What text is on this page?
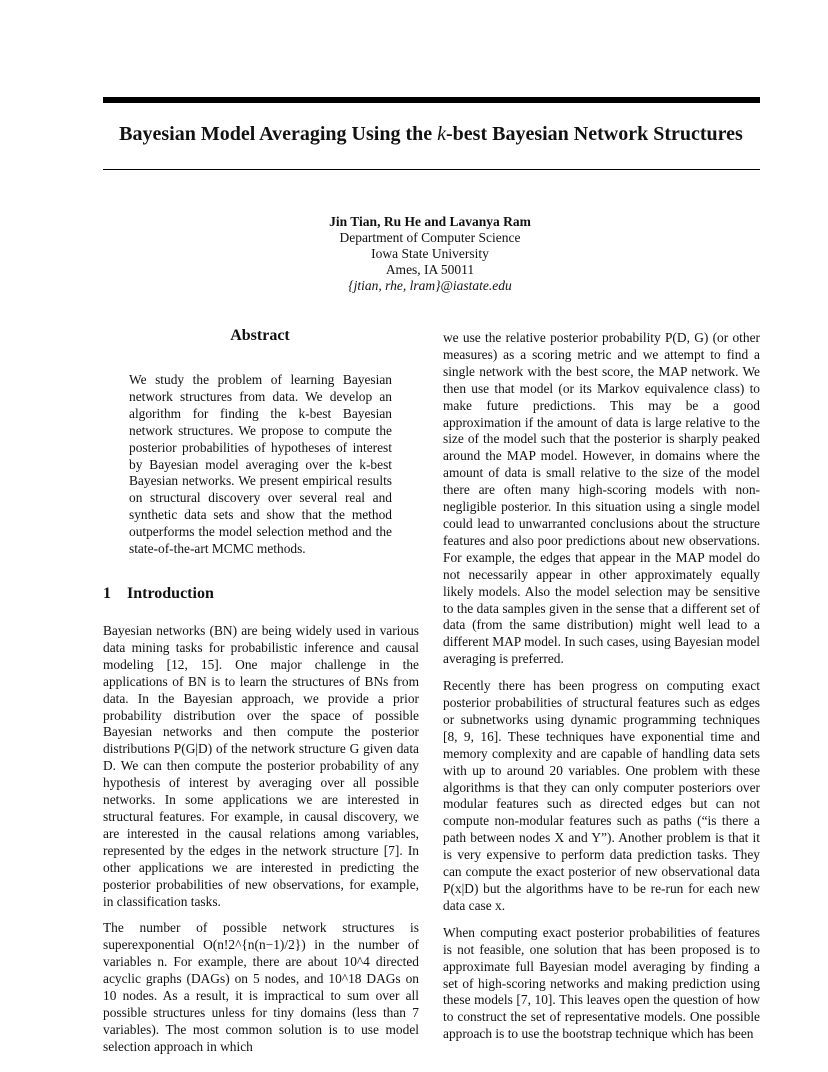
Bayesian Model Averaging Using the k-best Bayesian Network Structures
Jin Tian, Ru He and Lavanya Ram
Department of Computer Science
Iowa State University
Ames, IA 50011
{jtian, rhe, lram}@iastate.edu
Abstract
We study the problem of learning Bayesian network structures from data. We develop an algorithm for finding the k-best Bayesian network structures. We propose to compute the posterior probabilities of hypotheses of interest by Bayesian model averaging over the k-best Bayesian networks. We present empirical results on structural discovery over several real and synthetic data sets and show that the method outperforms the model selection method and the state-of-the-art MCMC methods.
1 Introduction

Bayesian networks (BN) are being widely used in various data mining tasks for probabilistic inference and causal modeling [12, 15]. One major challenge in the applications of BN is to learn the structures of BNs from data. In the Bayesian approach, we provide a prior probability distribution over the space of possible Bayesian networks and then compute the posterior distributions P(G|D) of the network structure G given data D. We can then compute the posterior probability of any hypothesis of interest by averaging over all possible networks. In some applications we are interested in structural features. For example, in causal discovery, we are interested in the causal relations among variables, represented by the edges in the network structure [7]. In other applications we are interested in predicting the posterior probabilities of new observations, for example, in classification tasks.

The number of possible network structures is superexponential O(n!2^{n(n−1)/2}) in the number of variables n. For example, there are about 10^4 directed acyclic graphs (DAGs) on 5 nodes, and 10^18 DAGs on 10 nodes. As a result, it is impractical to sum over all possible structures unless for tiny domains (less than 7 variables). The most common solution is to use model selection approach in which

we use the relative posterior probability P(D, G) (or other measures) as a scoring metric and we attempt to find a single network with the best score, the MAP network. We then use that model (or its Markov equivalence class) to make future predictions. This may be a good approximation if the amount of data is large relative to the size of the model such that the posterior is sharply peaked around the MAP model. However, in domains where the amount of data is small relative to the size of the model there are often many high-scoring models with non-negligible posterior. In this situation using a single model could lead to unwarranted conclusions about the structure features and also poor predictions about new observations. For example, the edges that appear in the MAP model do not necessarily appear in other approximately equally likely models. Also the model selection may be sensitive to the data samples given in the sense that a different set of data (from the same distribution) might well lead to a different MAP model. In such cases, using Bayesian model averaging is preferred.

Recently there has been progress on computing exact posterior probabilities of structural features such as edges or subnetworks using dynamic programming techniques [8, 9, 16]. These techniques have exponential time and memory complexity and are capable of handling data sets with up to around 20 variables. One problem with these algorithms is that they can only computer posteriors over modular features such as directed edges but can not compute non-modular features such as paths (“is there a path between nodes X and Y”). Another problem is that it is very expensive to perform data prediction tasks. They can compute the exact posterior of new observational data P(x|D) but the algorithms have to be re-run for each new data case x.

When computing exact posterior probabilities of features is not feasible, one solution that has been proposed is to approximate full Bayesian model averaging by finding a set of high-scoring networks and making prediction using these models [7, 10]. This leaves open the question of how to construct the set of representative models. One possible approach is to use the bootstrap technique which has been
